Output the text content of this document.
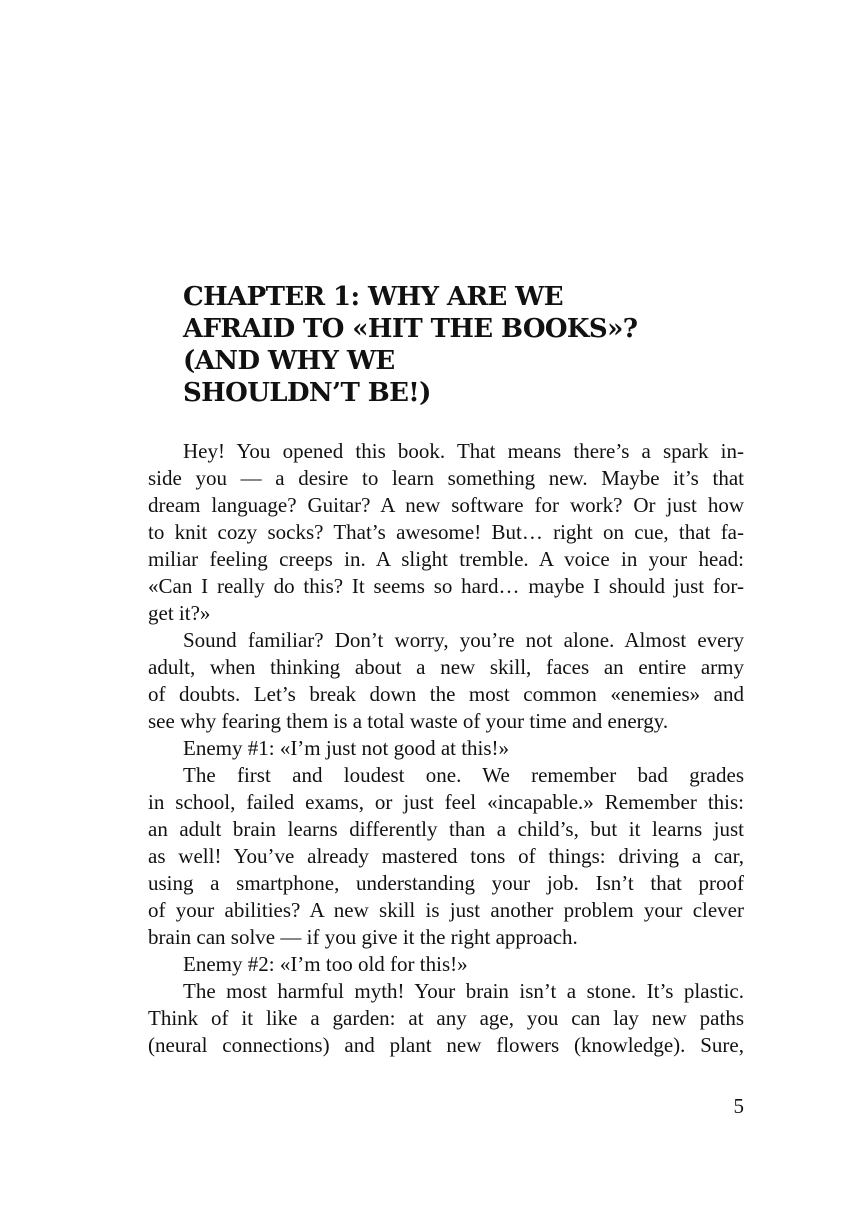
CHAPTER 1: WHY ARE WE
AFRAID TO «HIT THE BOOKS»?
(AND WHY WE
SHOULDN’T BE!)

Hey! You opened this book. That means there’s a spark in-
side you — a desire to learn something new. Maybe it’s that
dream language? Guitar? A new software for work? Or just how
to knit cozy socks? That’s awesome! But… right on cue, that fa-
miliar feeling creeps in. A slight tremble. A voice in your head:
«Can I really do this? It seems so hard… maybe I should just for-
get it?»

Sound familiar? Don’t worry, you’re not alone. Almost every
adult, when thinking about a new skill, faces an entire army
of doubts. Let’s break down the most common «enemies» and
see why fearing them is a total waste of your time and energy.

Enemy #1: «I’m just not good at this!»

The first and loudest one. We remember bad grades
in school, failed exams, or just feel «incapable.» Remember this:
an adult brain learns differently than a child’s, but it learns just
as well! You’ve already mastered tons of things: driving a car,
using a smartphone, understanding your job. Isn’t that proof
of your abilities? A new skill is just another problem your clever
brain can solve — if you give it the right approach.

Enemy #2: «I’m too old for this!»

The most harmful myth! Your brain isn’t a stone. It’s plastic.
Think of it like a garden: at any age, you can lay new paths
(neural connections) and plant new flowers (knowledge). Sure,

5
